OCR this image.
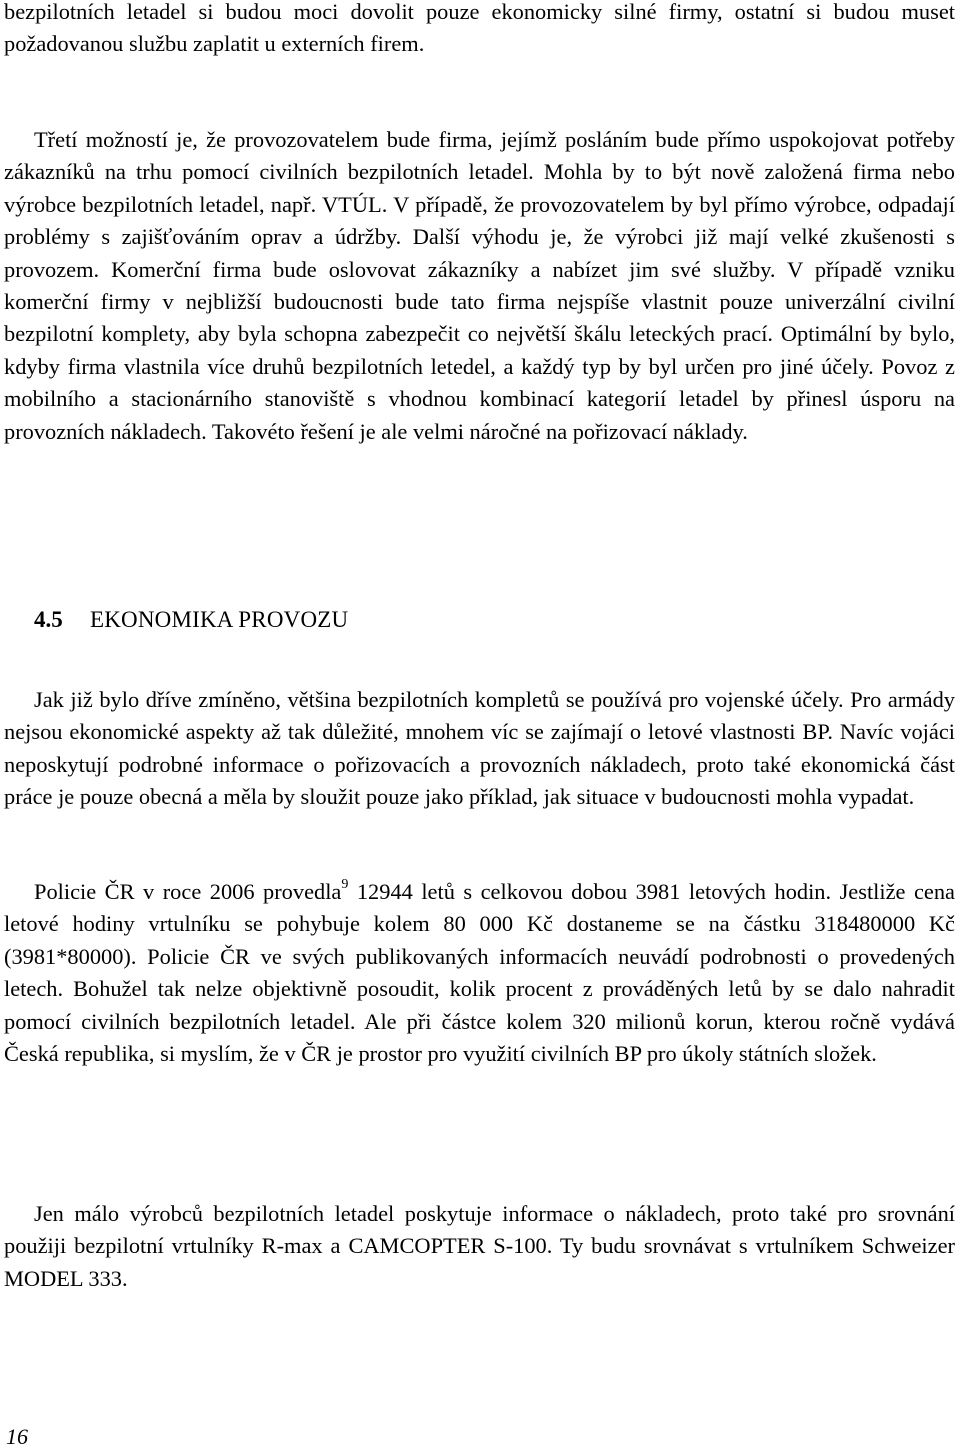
bezpilotních letadel si budou moci dovolit pouze ekonomicky silné firmy, ostatní si budou muset požadovanou službu zaplatit u externích firem.

Třetí možností je, že provozovatelem bude firma, jejímž posláním bude přímo uspokojovat potřeby zákazníků na trhu pomocí civilních bezpilotních letadel. Mohla by to být nově založená firma nebo výrobce bezpilotních letadel, např. VTÚL. V případě, že provozovatelem by byl přímo výrobce, odpadají problémy s zajišťováním oprav a údržby. Další výhodu je, že výrobci již mají velké zkušenosti s provozem. Komerční firma bude oslovovat zákazníky a nabízet jim své služby. V případě vzniku komerční firmy v nejbližší budoucnosti bude tato firma nejspíše vlastnit pouze univerzální civilní bezpilotní komplety, aby byla schopna zabezpečit co největší škálu leteckých prací. Optimální by bylo, kdyby firma vlastnila více druhů bezpilotních letedel, a každý typ by byl určen pro jiné účely. Povoz z mobilního a stacionárního stanoviště s vhodnou kombinací kategorií letadel by přinesl úsporu na provozních nákladech. Takovéto řešení je ale velmi náročné na pořizovací náklady.

4.5 EKONOMIKA PROVOZU

Jak již bylo dříve zmíněno, většina bezpilotních kompletů se používá pro vojenské účely. Pro armády nejsou ekonomické aspekty až tak důležité, mnohem víc se zajímají o letové vlastnosti BP. Navíc vojáci neposkytují podrobné informace o pořizovacích a provozních nákladech, proto také ekonomická část práce je pouze obecná a měla by sloužit pouze jako příklad, jak situace v budoucnosti mohla vypadat.

Policie ČR v roce 2006 provedla$^9$ 12944 letů s celkovou dobou 3981 letových hodin. Jestliže cena letové hodiny vrtulníku se pohybuje kolem 80 000 Kč dostaneme se na částku 318480000 Kč (3981*80000). Policie ČR ve svých publikovaných informacích neuvádí podrobnosti o provedených letech. Bohužel tak nelze objektivně posoudit, kolik procent z prováděných letů by se dalo nahradit pomocí civilních bezpilotních letadel. Ale při částce kolem 320 milionů korun, kterou ročně vydává Česká republika, si myslím, že v ČR je prostor pro využití civilních BP pro úkoly státních složek.

Jen málo výrobců bezpilotních letadel poskytuje informace o nákladech, proto také pro srovnání použiji bezpilotní vrtulníky R-max a CAMCOPTER S-100. Ty budu srovnávat s vrtulníkem Schweizer MODEL 333.

16
